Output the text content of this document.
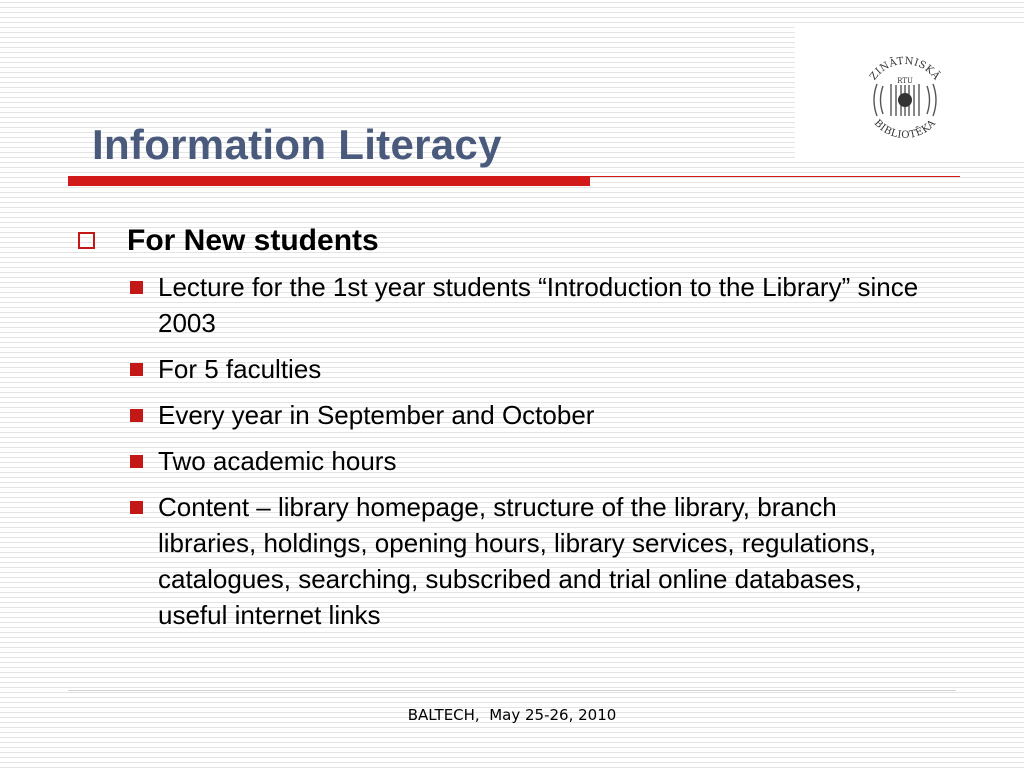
ZINĀTNISKĀ
BIBLIOTĒKA
RTU
Information Literacy
For New students
Lecture for the 1st year students “Introduction to the Library” since 2003
For 5 faculties
Every year in September and October
Two academic hours
Content – library homepage, structure of the library, branch libraries, holdings, opening hours, library services, regulations, catalogues, searching, subscribed and trial online databases, useful internet links
BALTECH,  May 25-26, 2010
